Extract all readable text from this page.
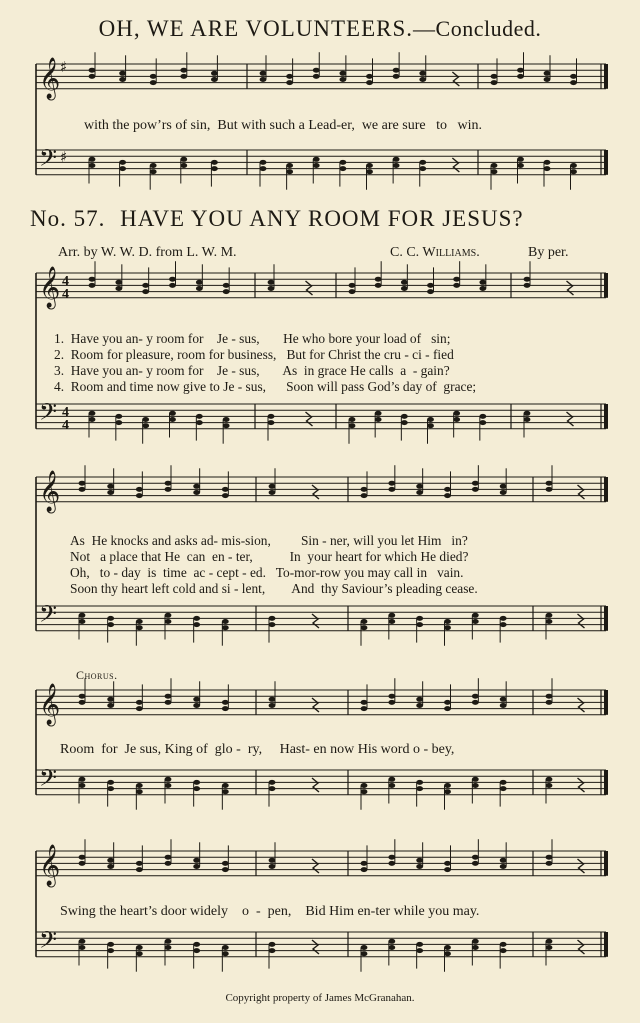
𝄞
𝄢
♯
♯
𝄞
𝄢
4
4
4
4
𝄞
𝄢
𝄞
𝄢
𝄞
𝄢
OH, WE ARE VOLUNTEERS.—Concluded.
with the pow’rs of sin,  But with such a Lead-er,  we are sure   to   win.
No. 57. HAVE YOU ANY ROOM FOR JESUS?
Arr. by W. W. D. from L. W. M.	C. C. Williams.	By per.
1.  Have you an- y room for    Je - sus,       He who bore your load of   sin;
2.  Room for pleasure, room for business,   But for Christ the cru - ci - fied
3.  Have you an- y room for    Je - sus,       As  in grace He calls  a  - gain?
4.  Room and time now give to Je - sus,      Soon will pass God’s day of  grace;
As  He knocks and asks ad- mis-sion,         Sin - ner, will you let Him   in?
Not   a place that He  can  en - ter,           In  your heart for which He died?
Oh,   to - day  is  time  ac - cept - ed.   To-mor-row you may call in   vain.
Soon thy heart left cold and si - lent,        And  thy Saviour’s pleading cease.
Chorus.
Room  for  Je sus, King of  glo -  ry,     Hast- en now His word o - bey,
Swing the heart’s door widely    o  -  pen,    Bid Him en-ter while you may.
Copyright property of James McGranahan.
